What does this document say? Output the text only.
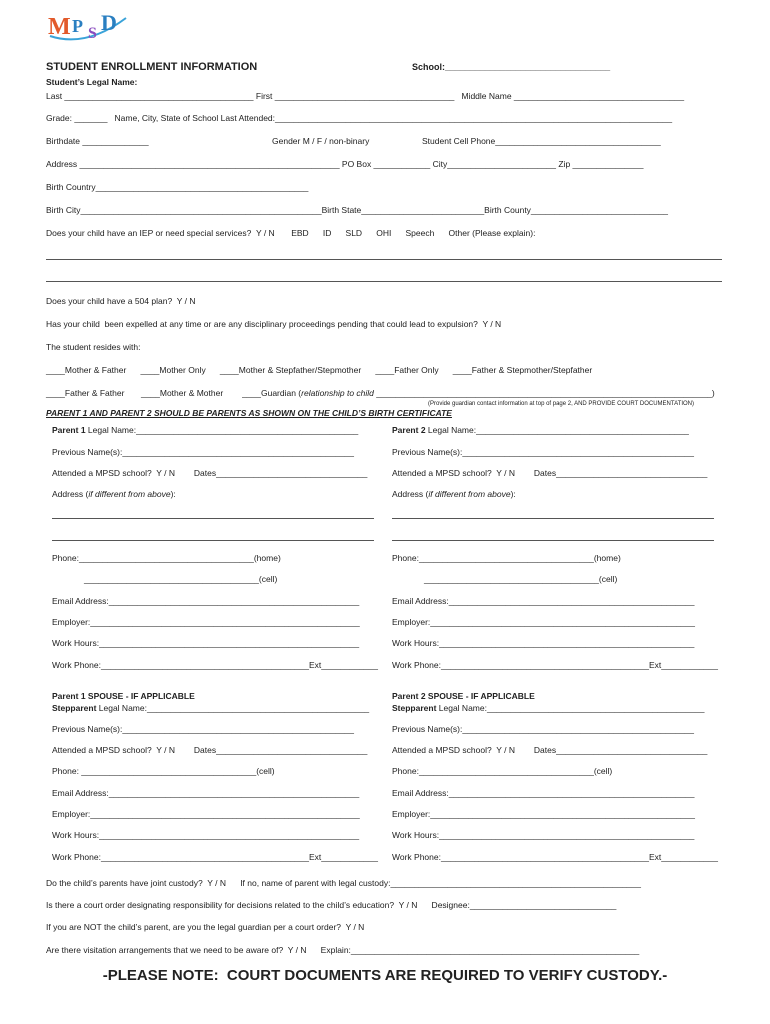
M P S D
STUDENT ENROLLMENT INFORMATION	School:_________________________________
Student’s Legal Name:
Last ________________________________________ First ______________________________________   Middle Name ____________________________________
Grade: _______   Name, City, State of School Last Attended:____________________________________________________________________________________
Birthdate ______________	Gender M / F / non-binary	Student Cell Phone___________________________________
Address _______________________________________________________ PO Box ____________ City_______________________ Zip _______________
Birth Country_____________________________________________
Birth City___________________________________________________Birth State__________________________Birth County_____________________________
Does your child have an IEP or need special services?  Y / N       EBD      ID      SLD      OHI      Speech      Other (Please explain):
Does your child have a 504 plan?  Y / N
Has your child  been expelled at any time or are any disciplinary proceedings pending that could lead to expulsion?  Y / N
The student resides with:
____Mother & Father      ____Mother Only      ____Mother & Stepfather/Stepmother      ____Father Only      ____Father & Stepmother/Stepfather
____Father & Father       ____Mother & Mother        ____Guardian (relationship to child _______________________________________________________________________)
(Provide guardian contact information at top of page 2, AND PROVIDE COURT DOCUMENTATION)
PARENT 1 AND PARENT 2 SHOULD BE PARENTS AS SHOWN ON THE CHILD’S BIRTH CERTIFICATE
Parent 1 Legal Name:_______________________________________________
Previous Name(s):_________________________________________________
Attended a MPSD school?  Y / N        Dates________________________________
Address (if different from above):
Phone:_____________________________________(home)
_____________________________________(cell)
Email Address:_____________________________________________________
Employer:_________________________________________________________
Work Hours:_______________________________________________________
Work Phone:____________________________________________Ext____________
Parent 2 Legal Name:_____________________________________________
Previous Name(s):_________________________________________________
Attended a MPSD school?  Y / N        Dates________________________________
Address (if different from above):
Phone:_____________________________________(home)
_____________________________________(cell)
Email Address:____________________________________________________
Employer:________________________________________________________
Work Hours:______________________________________________________
Work Phone:____________________________________________Ext____________
Parent 1 SPOUSE - IF APPLICABLE
Stepparent Legal Name:_______________________________________________
Previous Name(s):_________________________________________________
Attended a MPSD school?  Y / N        Dates________________________________
Phone: _____________________________________(cell)
Email Address:_____________________________________________________
Employer:_________________________________________________________
Work Hours:_______________________________________________________
Work Phone:____________________________________________Ext____________
Parent 2 SPOUSE - IF APPLICABLE
Stepparent Legal Name:______________________________________________
Previous Name(s):_________________________________________________
Attended a MPSD school?  Y / N        Dates________________________________
Phone:_____________________________________(cell)
Email Address:____________________________________________________
Employer:________________________________________________________
Work Hours:______________________________________________________
Work Phone:____________________________________________Ext____________
Do the child’s parents have joint custody?  Y / N      If no, name of parent with legal custody:_____________________________________________________
Is there a court order designating responsibility for decisions related to the child’s education?  Y / N      Designee:_______________________________
If you are NOT the child’s parent, are you the legal guardian per a court order?  Y / N
Are there visitation arrangements that we need to be aware of?  Y / N      Explain:_____________________________________________________________
-PLEASE NOTE:  COURT DOCUMENTS ARE REQUIRED TO VERIFY CUSTODY.-
